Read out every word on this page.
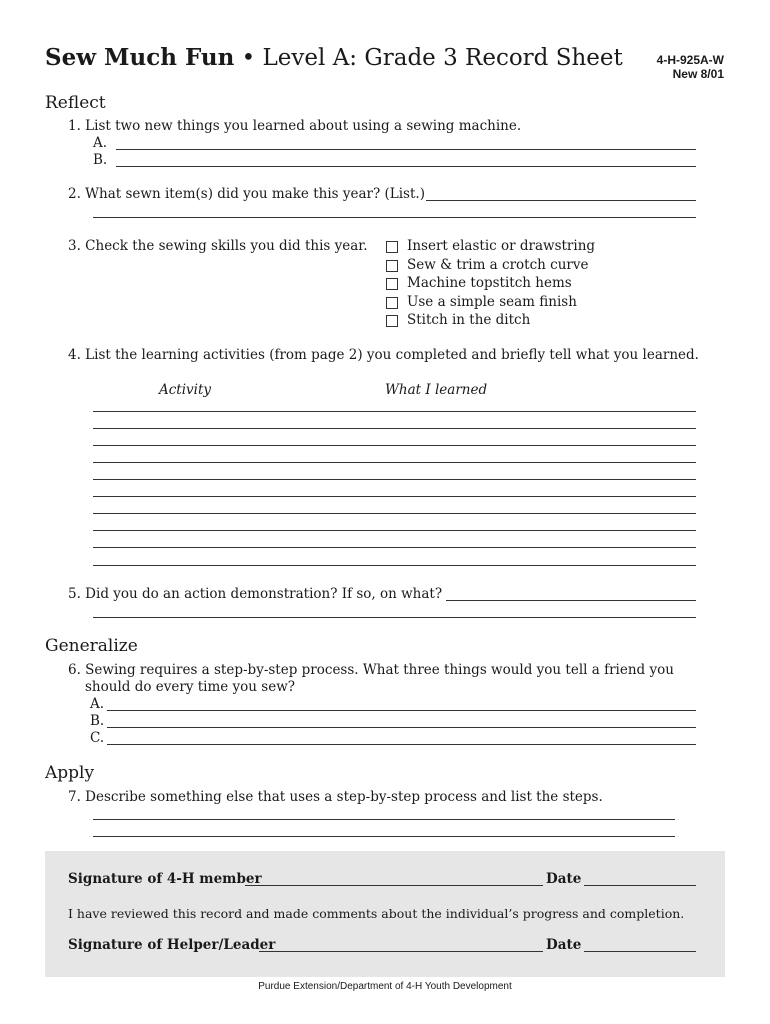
Sew Much Fun • Level A: Grade 3 Record Sheet	4-H-925A-W
New 8/01
Reflect
1. List two new things you learned about using a sewing machine.
A.
B.
2. What sewn item(s) did you make this year? (List.)
3. Check the sewing skills you did this year.	Insert elastic or drawstring
Sew & trim a crotch curve
Machine topstitch hems
Use a simple seam finish
Stitch in the ditch
4. List the learning activities (from page 2) you completed and briefly tell what you learned.
Activity	What I learned
5. Did you do an action demonstration? If so, on what?
Generalize
6. Sewing requires a step-by-step process. What three things would you tell a friend you
should do every time you sew?
A.
B.
C.
Apply
7. Describe something else that uses a step-by-step process and list the steps.
Signature of 4-H member	Date
I have reviewed this record and made comments about the individual’s progress and completion.
Signature of Helper/Leader	Date
Purdue Extension/Department of 4-H Youth Development
